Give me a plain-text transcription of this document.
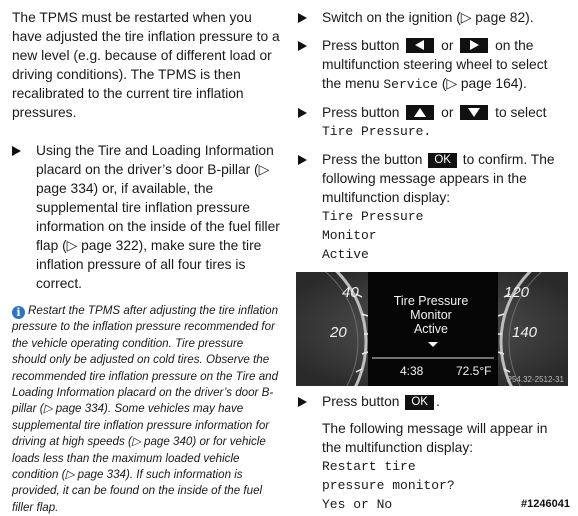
The TPMS must be restarted when you have adjusted the tire inflation pressure to a new level (e.g. because of different load or driving conditions). The TPMS is then recalibrated to the current tire inflation pressures.

Using the Tire and Loading Information placard on the driver’s door B-pillar (▷ page 334) or, if available, the supplemental tire inflation pressure information on the inside of the fuel filler flap (▷ page 322), make sure the tire inflation pressure of all four tires is correct.

i Restart the TPMS after adjusting the tire inflation pressure to the inflation pressure recommended for the vehicle operating condition. Tire pressure should only be adjusted on cold tires. Observe the recommended tire inflation pressure on the Tire and Loading Information placard on the driver’s door B-pillar (▷ page 334). Some vehicles may have supplemental tire inflation pressure information for driving at high speeds (▷ page 340) or for vehicle loads less than the maximum loaded vehicle condition (▷ page 334). If such information is provided, it can be found on the inside of the fuel filler flap.

Switch on the ignition (▷ page 82).
Press button	or	on the multifunction steering wheel to select the menu Service (▷ page 164).
Press button	or	to select
Tire Pressure.
Press the button OK to confirm. The following message appears in the multifunction display:
Tire Pressure
Monitor
Active
40
20
120
140
Tire Pressure
Monitor
Active
4:38	72.5°F
P54.32-2512-31
Press button OK .

The following message will appear in the multifunction display:

Restart tire
pressure monitor?
Yes or No	#1246041
